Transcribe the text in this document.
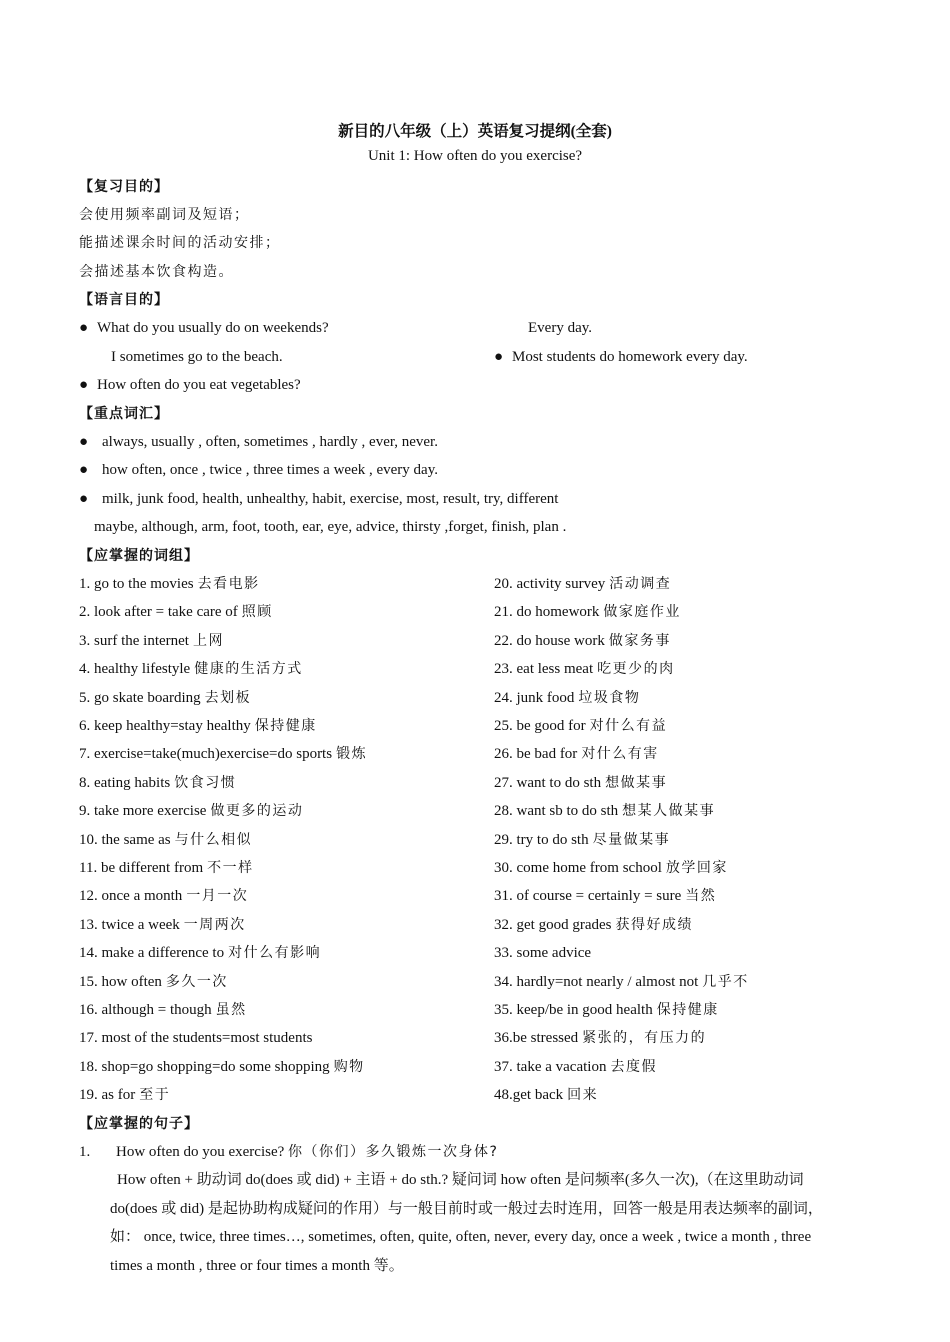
新目的八年级（上）英语复习提纲(全套)
Unit 1: How often do you exercise?
【复习目的】
会使用频率副词及短语；
能描述课余时间的活动安排；
会描述基本饮食构造。
【语言目的】
● What do you usually do on weekends?	Every day.
I sometimes go to the beach.	● Most students do homework every day.
● How often do you eat vegetables?
【重点词汇】
● always, usually , often, sometimes , hardly , ever, never.
● how often, once , twice , three times a week , every day.
● milk, junk food, health, unhealthy, habit, exercise, most, result, try, different
maybe, although, arm, foot, tooth, ear, eye, advice, thirsty ,forget, finish, plan .
【应掌握的词组】
1. go to the movies 去看电影
2. look after = take care of 照顾
3. surf the internet 上网
4. healthy lifestyle 健康的生活方式
5. go skate boarding 去划板
6. keep healthy=stay healthy 保持健康
7. exercise=take(much)exercise=do sports 锻炼
8. eating habits 饮食习惯
9. take more exercise 做更多的运动
10. the same as 与什么相似
11. be different from 不一样
12. once a month 一月一次
13. twice a week 一周两次
14. make a difference to 对什么有影响
15. how often 多久一次
16. although = though 虽然
17. most of the students=most students
18. shop=go shopping=do some shopping 购物
19. as for 至于
20. activity survey 活动调查
21. do homework 做家庭作业
22. do house work 做家务事
23. eat less meat 吃更少的肉
24. junk food 垃圾食物
25. be good for 对什么有益
26. be bad for 对什么有害
27. want to do sth 想做某事
28. want sb to do sth 想某人做某事
29. try to do sth 尽量做某事
30. come home from school 放学回家
31. of course = certainly = sure 当然
32. get good grades 获得好成绩
33. some advice
34. hardly=not nearly / almost not 几乎不
35. keep/be in good health 保持健康
36.be stressed 紧张的，有压力的
37. take a vacation 去度假
48.get back 回来
【应掌握的句子】
1. How often do you exercise? 你（你们）多久锻炼一次身体?
How often + 助动词 do(does 或 did) + 主语 + do sth.? 疑问词 how often 是问频率(多久一次),（在这里助动词
do(does 或 did) 是起协助构成疑问的作用）与一般目前时或一般过去时连用，回答一般是用表达频率的副词，
如： once, twice, three times…, sometimes, often, quite, often, never, every day, once a week , twice a month , three
times a month , three or four times a month 等。
